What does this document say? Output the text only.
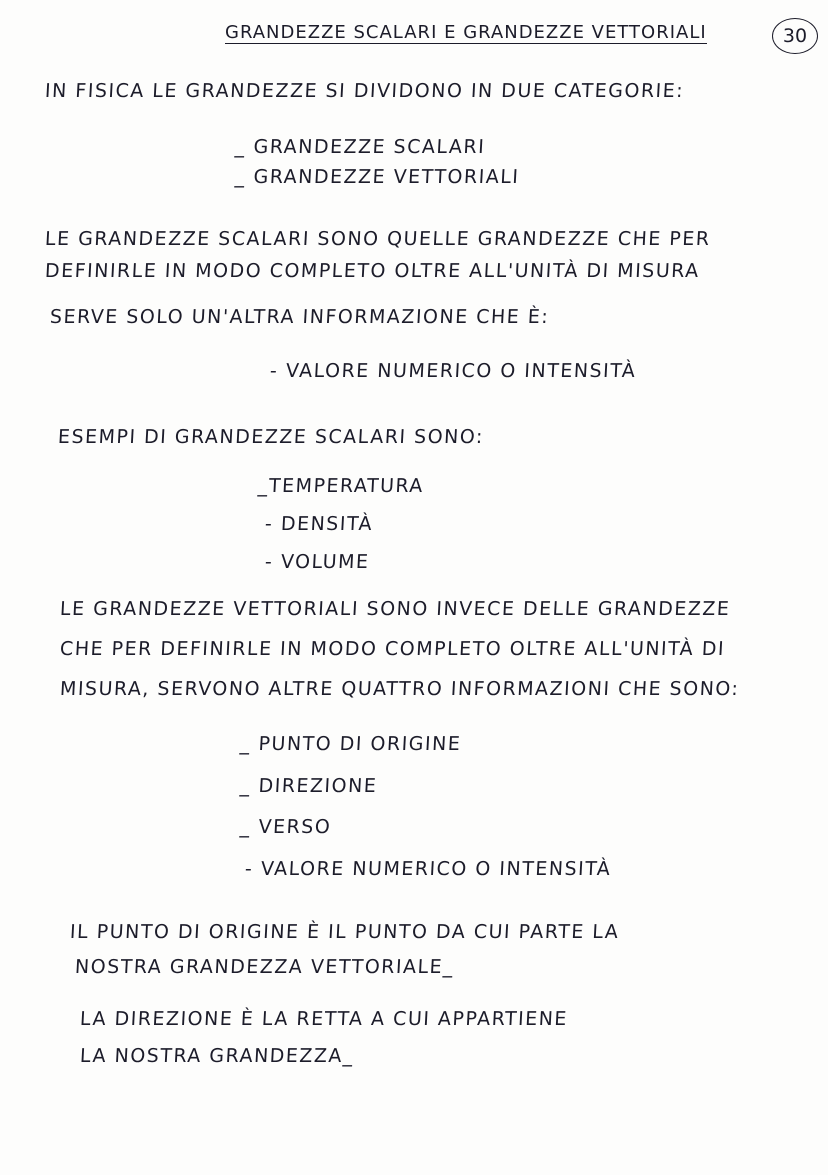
GRANDEZZE SCALARI E GRANDEZZE VETTORIALI	30
IN FISICA LE GRANDEZZE SI DIVIDONO IN DUE CATEGORIE:
_ GRANDEZZE SCALARI
_ GRANDEZZE VETTORIALI
LE GRANDEZZE SCALARI SONO QUELLE GRANDEZZE CHE PER
DEFINIRLE IN MODO COMPLETO OLTRE ALL'UNITÀ DI MISURA
SERVE SOLO UN'ALTRA INFORMAZIONE CHE È:
- VALORE NUMERICO O INTENSITÀ
ESEMPI DI GRANDEZZE SCALARI SONO:
_TEMPERATURA
- DENSITÀ
- VOLUME
LE GRANDEZZE VETTORIALI SONO INVECE DELLE GRANDEZZE
CHE PER DEFINIRLE IN MODO COMPLETO OLTRE ALL'UNITÀ DI
MISURA, SERVONO ALTRE QUATTRO INFORMAZIONI CHE SONO:
_ PUNTO DI ORIGINE
_ DIREZIONE
_ VERSO
- VALORE NUMERICO O INTENSITÀ
IL PUNTO DI ORIGINE È IL PUNTO DA CUI PARTE LA
NOSTRA GRANDEZZA VETTORIALE_
LA DIREZIONE È LA RETTA A CUI APPARTIENE
LA NOSTRA GRANDEZZA_
